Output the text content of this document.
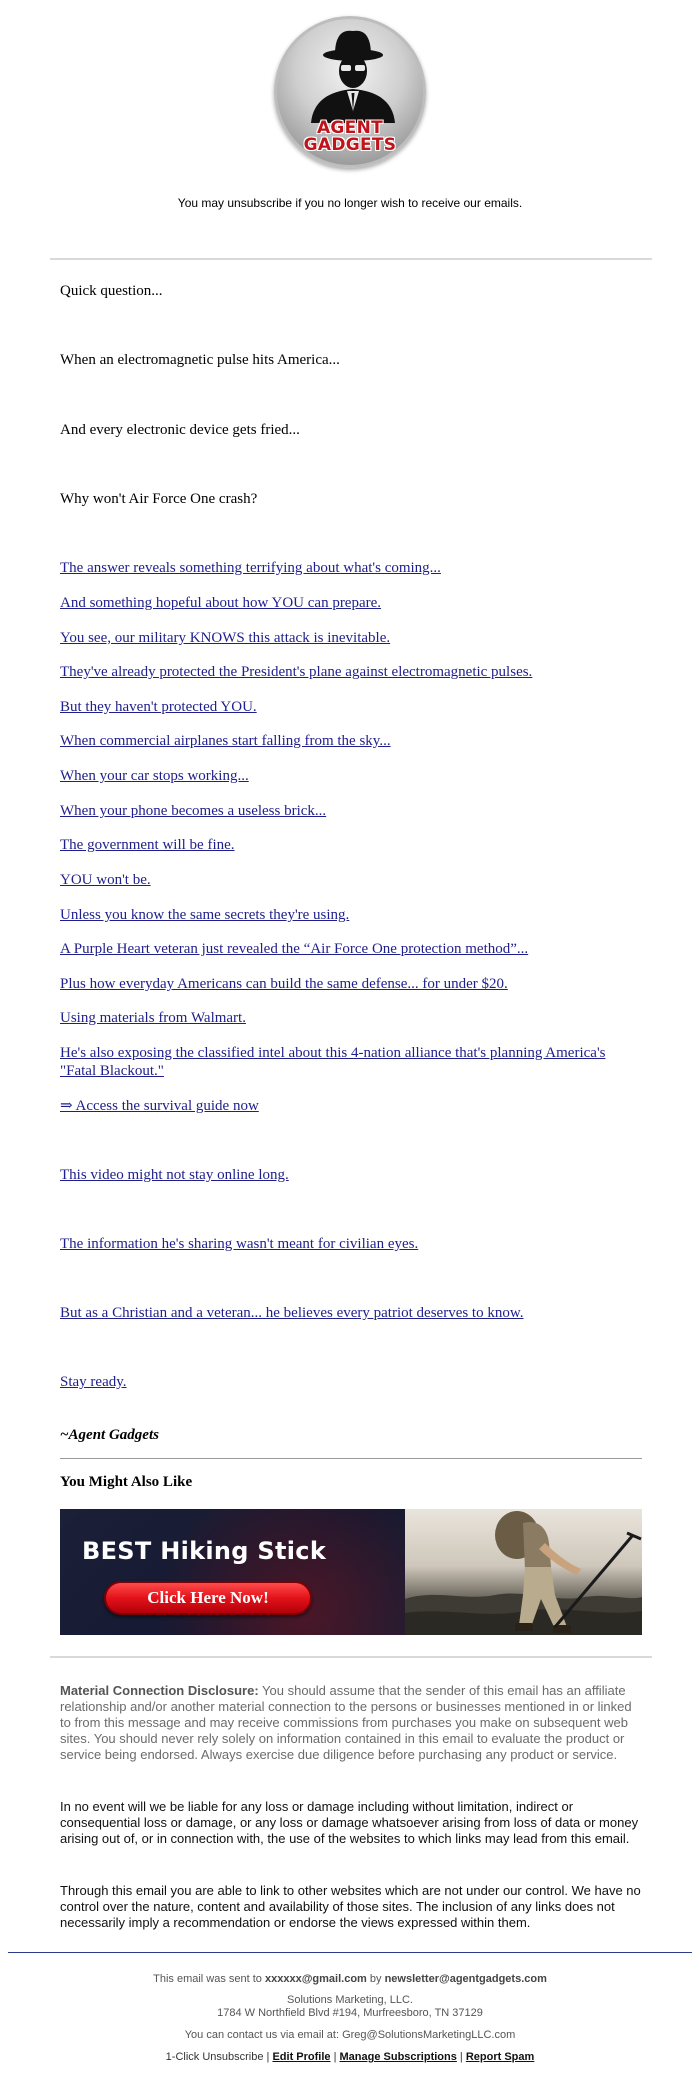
AGENT
GADGETS
You may unsubscribe if you no longer wish to receive our emails.

Quick question...

When an electromagnetic pulse hits America...

And every electronic device gets fried...

Why won't Air Force One crash?

The answer reveals something terrifying about what's coming...

And something hopeful about how YOU can prepare.

You see, our military KNOWS this attack is inevitable.

They've already protected the President's plane against electromagnetic pulses.

But they haven't protected YOU.

When commercial airplanes start falling from the sky...

When your car stops working...

When your phone becomes a useless brick...

The government will be fine.

YOU won't be.

Unless you know the same secrets they're using.

A Purple Heart veteran just revealed the “Air Force One protection method”...

Plus how everyday Americans can build the same defense... for under $20.

Using materials from Walmart.

He's also exposing the classified intel about this 4-nation alliance that's planning America's "Fatal Blackout."

⇒ Access the survival guide now

This video might not stay online long.

The information he's sharing wasn't meant for civilian eyes.

But as a Christian and a veteran... he believes every patriot deserves to know.

Stay ready.

~Agent Gadgets
You Might Also Like
BEST Hiking Stick
Click Here Now!

Material Connection Disclosure: You should assume that the sender of this email has an affiliate relationship and/or another material connection to the persons or businesses mentioned in or linked to from this message and may receive commissions from purchases you make on subsequent web sites. You should never rely solely on information contained in this email to evaluate the product or service being endorsed. Always exercise due diligence before purchasing any product or service.

In no event will we be liable for any loss or damage including without limitation, indirect or consequential loss or damage, or any loss or damage whatsoever arising from loss of data or money arising out of, or in connection with, the use of the websites to which links may lead from this email.

Through this email you are able to link to other websites which are not under our control. We have no control over the nature, content and availability of those sites. The inclusion of any links does not necessarily imply a recommendation or endorse the views expressed within them.

This email was sent to xxxxxx@gmail.com by newsletter@agentgadgets.com

Solutions Marketing, LLC.

1784 W Northfield Blvd #194, Murfreesboro, TN 37129

You can contact us via email at: Greg@SolutionsMarketingLLC.com

1-Click Unsubscribe | Edit Profile | Manage Subscriptions | Report Spam
